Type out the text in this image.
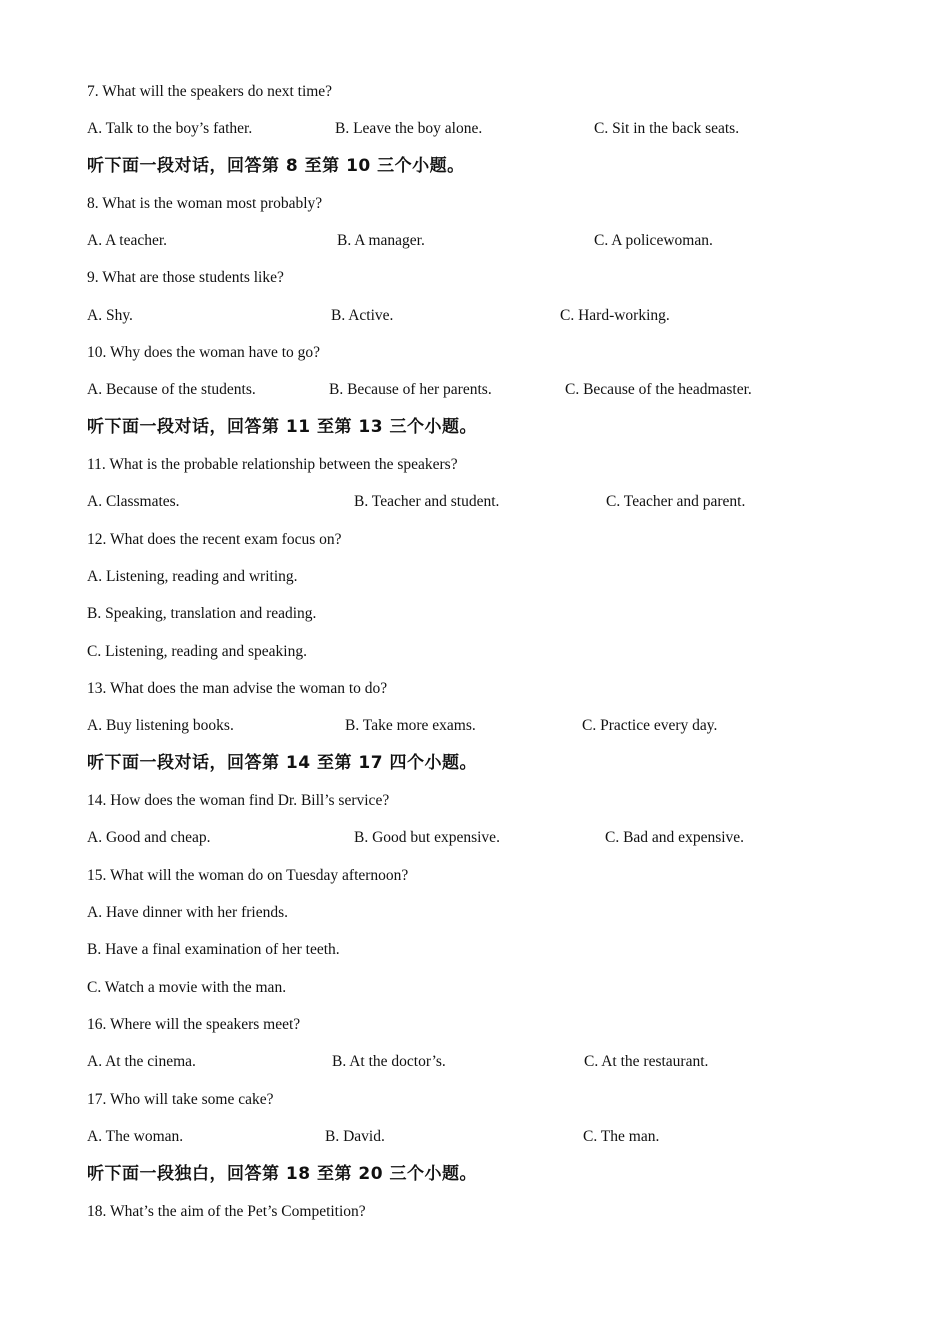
7. What will the speakers do next time?
A. Talk to the boy’s father.	B. Leave the boy alone.	C. Sit in the back seats.
听下面一段对话，回答第 8 至第 10 三个小题。
8. What is the woman most probably?
A. A teacher.	B. A manager.	C. A policewoman.
9. What are those students like?
A. Shy.	B. Active.	C. Hard-working.
10. Why does the woman have to go?
A. Because of the students.	B. Because of her parents.	C. Because of the headmaster.
听下面一段对话，回答第 11 至第 13 三个小题。
11. What is the probable relationship between the speakers?
A. Classmates.	B. Teacher and student.	C. Teacher and parent.
12. What does the recent exam focus on?
A. Listening, reading and writing.
B. Speaking, translation and reading.
C. Listening, reading and speaking.
13. What does the man advise the woman to do?
A. Buy listening books.	B. Take more exams.	C. Practice every day.
听下面一段对话，回答第 14 至第 17 四个小题。
14. How does the woman find Dr. Bill’s service?
A. Good and cheap.	B. Good but expensive.	C. Bad and expensive.
15. What will the woman do on Tuesday afternoon?
A. Have dinner with her friends.
B. Have a final examination of her teeth.
C. Watch a movie with the man.
16. Where will the speakers meet?
A. At the cinema.	B. At the doctor’s.	C. At the restaurant.
17. Who will take some cake?
A. The woman.	B. David.	C. The man.
听下面一段独白，回答第 18 至第 20 三个小题。
18. What’s the aim of the Pet’s Competition?
